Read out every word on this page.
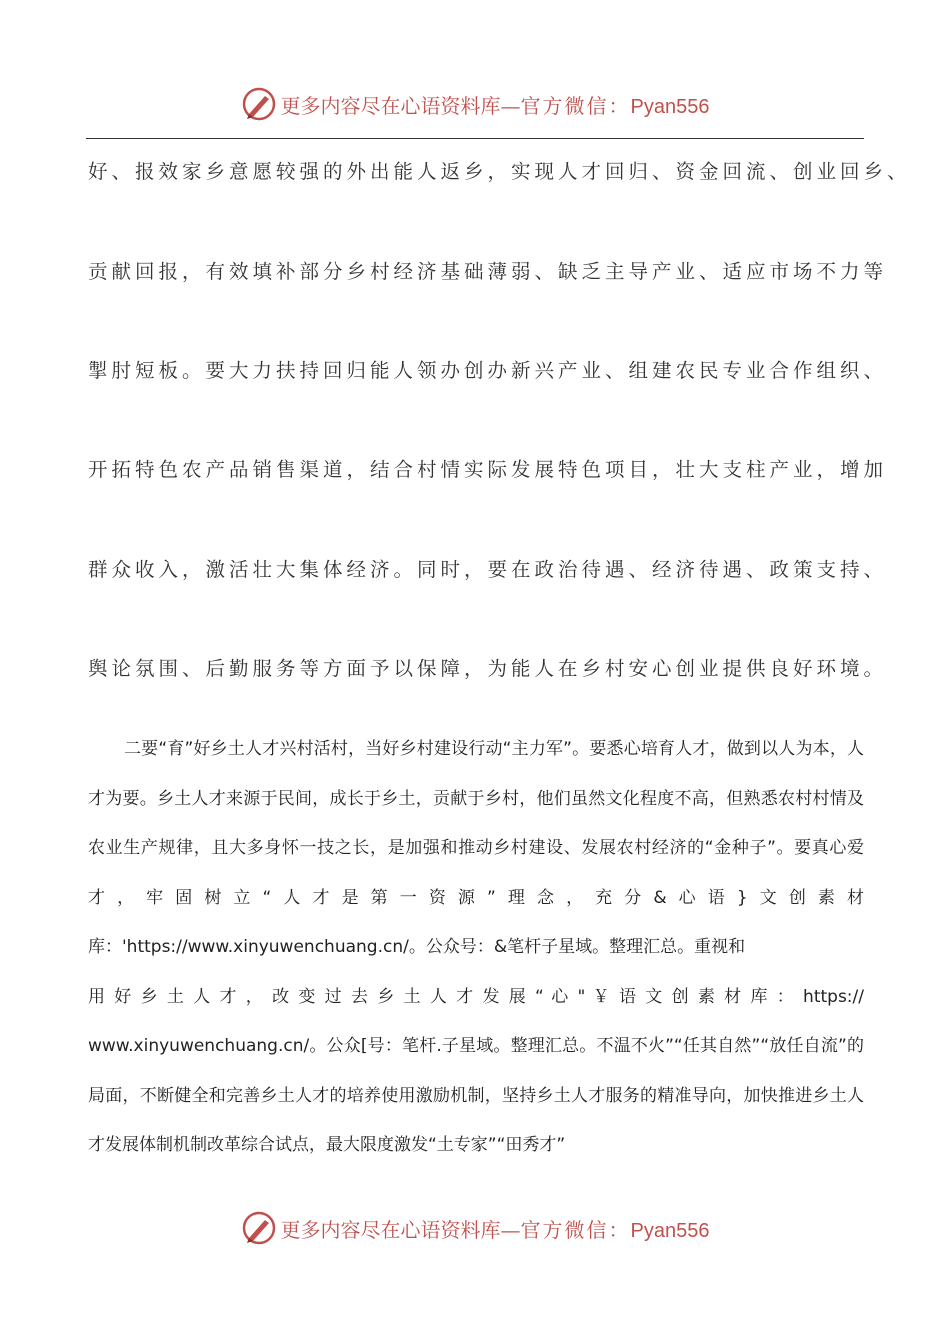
更多内容尽在心语资料库—官方微信：Pyan556
好、报效家乡意愿较强的外出能人返乡，实现人才回归、资金回流、创业回乡、
贡献回报，有效填补部分乡村经济基础薄弱、缺乏主导产业、适应市场不力等
掣肘短板。要大力扶持回归能人领办创办新兴产业、组建农民专业合作组织、
开拓特色农产品销售渠道，结合村情实际发展特色项目，壮大支柱产业，增加
群众收入，激活壮大集体经济。同时，要在政治待遇、经济待遇、政策支持、
舆论氛围、后勤服务等方面予以保障，为能人在乡村安心创业提供良好环境。

二要“育”好乡土人才兴村活村，当好乡村建设行动“主力军”。要悉心培育人才，做到以人为本，人才为要。乡土人才来源于民间，成长于乡土，贡献于乡村，他们虽然文化程度不高，但熟悉农村村情及农业生产规律，且大多身怀一技之长，是加强和推动乡村建设、发展农村经济的“金种子”。要真心爱才，牢固树立“人才是第一资源”理念，充分&心语}文创素材库：'https://www.xinyuwenchuang.cn/。公众号：&笔杆子星域。整理汇总。重视和

用 好 乡 土 人 才 ， 改 变 过 去 乡 土 人 才 发 展 “ 心 " ￥ 语 文 创 素 材 库 ： https://

www.xinyuwenchuang.cn/。公众[号：笔杆.子星域。整理汇总。不温不火”“任其自然”“放任自流”的局面，不断健全和完善乡土人才的培养使用激励机制，坚持乡土人才服务的精准导向，加快推进乡土人才发展体制机制改革综合试点，最大限度激发“土专家”“田秀才”

更多内容尽在心语资料库—官方微信：Pyan556
